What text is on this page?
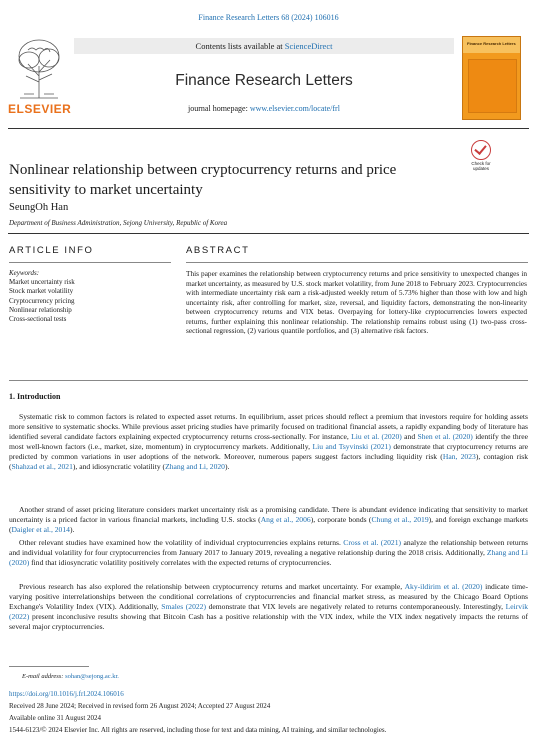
Finance Research Letters 68 (2024) 106016
ELSEVIER
Contents lists available at ScienceDirect
Finance Research Letters
journal homepage: www.elsevier.com/locate/frl
Finance Research Letters
Nonlinear relationship between cryptocurrency returns and price
sensitivity to market uncertainty
Check for updates
SeungOh Han
Department of Business Administration, Sejong University, Republic of Korea
ARTICLE INFO	ABSTRACT
Keywords:
Market uncertainty risk
Stock market volatility
Cryptocurrency pricing
Nonlinear relationship
Cross-sectional tests
This paper examines the relationship between cryptocurrency returns and price sensitivity to unexpected changes in market uncertainty, as measured by U.S. stock market volatility, from June 2018 to February 2023. Cryptocurrencies with intermediate uncertainty risk earn a risk-adjusted weekly return of 5.73% higher than those with low and high uncertainty risk, after controlling for market, size, reversal, and liquidity factors, demonstrating the non-linearity between cryptocurrency returns and VIX betas. Overpaying for lottery-like cryptocurrencies lowers expected returns, further explaining this nonlinear relationship. The relationship remains robust using (1) two-pass cross-sectional regression, (2) various quantile portfolios, and (3) alternative risk factors.
1. Introduction
Systematic risk to common factors is related to expected asset returns. In equilibrium, asset prices should reflect a premium that investors require for holding assets more sensitive to systematic shocks. While previous asset pricing studies have primarily focused on traditional financial assets, a rapidly expanding body of literature has identified several candidate factors explaining expected cryptocurrency returns cross-sectionally. For instance, Liu et al. (2020) and Shen et al. (2020) identify the three most well-known factors (i.e., market, size, momentum) in cryptocurrency markets. Additionally, Liu and Tsyvinski (2021) demonstrate that cryptocurrency returns are predicted by common variations in user adoptions of the network. Moreover, numerous papers suggest factors including liquidity risk (Han, 2023), contagion risk (Shahzad et al., 2021), and idiosyncratic volatility (Zhang and Li, 2020).
Another strand of asset pricing literature considers market uncertainty risk as a promising candidate. There is abundant evidence indicating that sensitivity to market uncertainty is a priced factor in various financial markets, including U.S. stocks (Ang et al., 2006), corporate bonds (Chung et al., 2019), and foreign exchange markets (Daigler et al., 2014).
Other relevant studies have examined how the volatility of individual cryptocurrencies explains returns. Cross et al. (2021) analyze the relationship between returns and individual volatility for four cryptocurrencies from January 2017 to January 2019, revealing a negative relationship during the 2018 crisis. Additionally, Zhang and Li (2020) find that idiosyncratic volatility positively correlates with the expected returns of cryptocurrencies.
Previous research has also explored the relationship between cryptocurrency returns and market uncertainty. For example, Aky-ildirim et al. (2020) indicate time-varying positive interrelationships between the conditional correlations of cryptocurrencies and financial market stress, as measured by the Chicago Board Options Exchange's Volatility Index (VIX). Additionally, Smales (2022) demonstrate that VIX levels are negatively related to returns contemporaneously. Interestingly, Leirvik (2022) present inconclusive results showing that Bitcoin Cash has a positive relationship with the VIX index, while the VIX index negatively impacts the returns of several major cryptocurrencies.
E-mail address: sohan@sejong.ac.kr.
https://doi.org/10.1016/j.frl.2024.106016
Received 28 June 2024; Received in revised form 26 August 2024; Accepted 27 August 2024
Available online 31 August 2024
1544-6123/© 2024 Elsevier Inc. All rights are reserved, including those for text and data mining, AI training, and similar technologies.
